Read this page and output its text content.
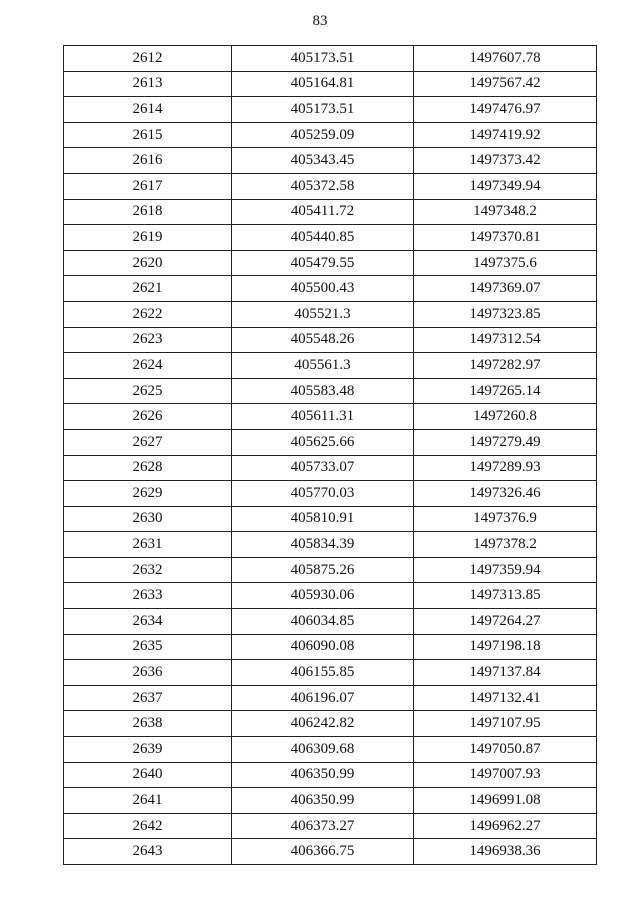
83
2612	405173.51	1497607.78
2613	405164.81	1497567.42
2614	405173.51	1497476.97
2615	405259.09	1497419.92
2616	405343.45	1497373.42
2617	405372.58	1497349.94
2618	405411.72	1497348.2
2619	405440.85	1497370.81
2620	405479.55	1497375.6
2621	405500.43	1497369.07
2622	405521.3	1497323.85
2623	405548.26	1497312.54
2624	405561.3	1497282.97
2625	405583.48	1497265.14
2626	405611.31	1497260.8
2627	405625.66	1497279.49
2628	405733.07	1497289.93
2629	405770.03	1497326.46
2630	405810.91	1497376.9
2631	405834.39	1497378.2
2632	405875.26	1497359.94
2633	405930.06	1497313.85
2634	406034.85	1497264.27
2635	406090.08	1497198.18
2636	406155.85	1497137.84
2637	406196.07	1497132.41
2638	406242.82	1497107.95
2639	406309.68	1497050.87
2640	406350.99	1497007.93
2641	406350.99	1496991.08
2642	406373.27	1496962.27
2643	406366.75	1496938.36
